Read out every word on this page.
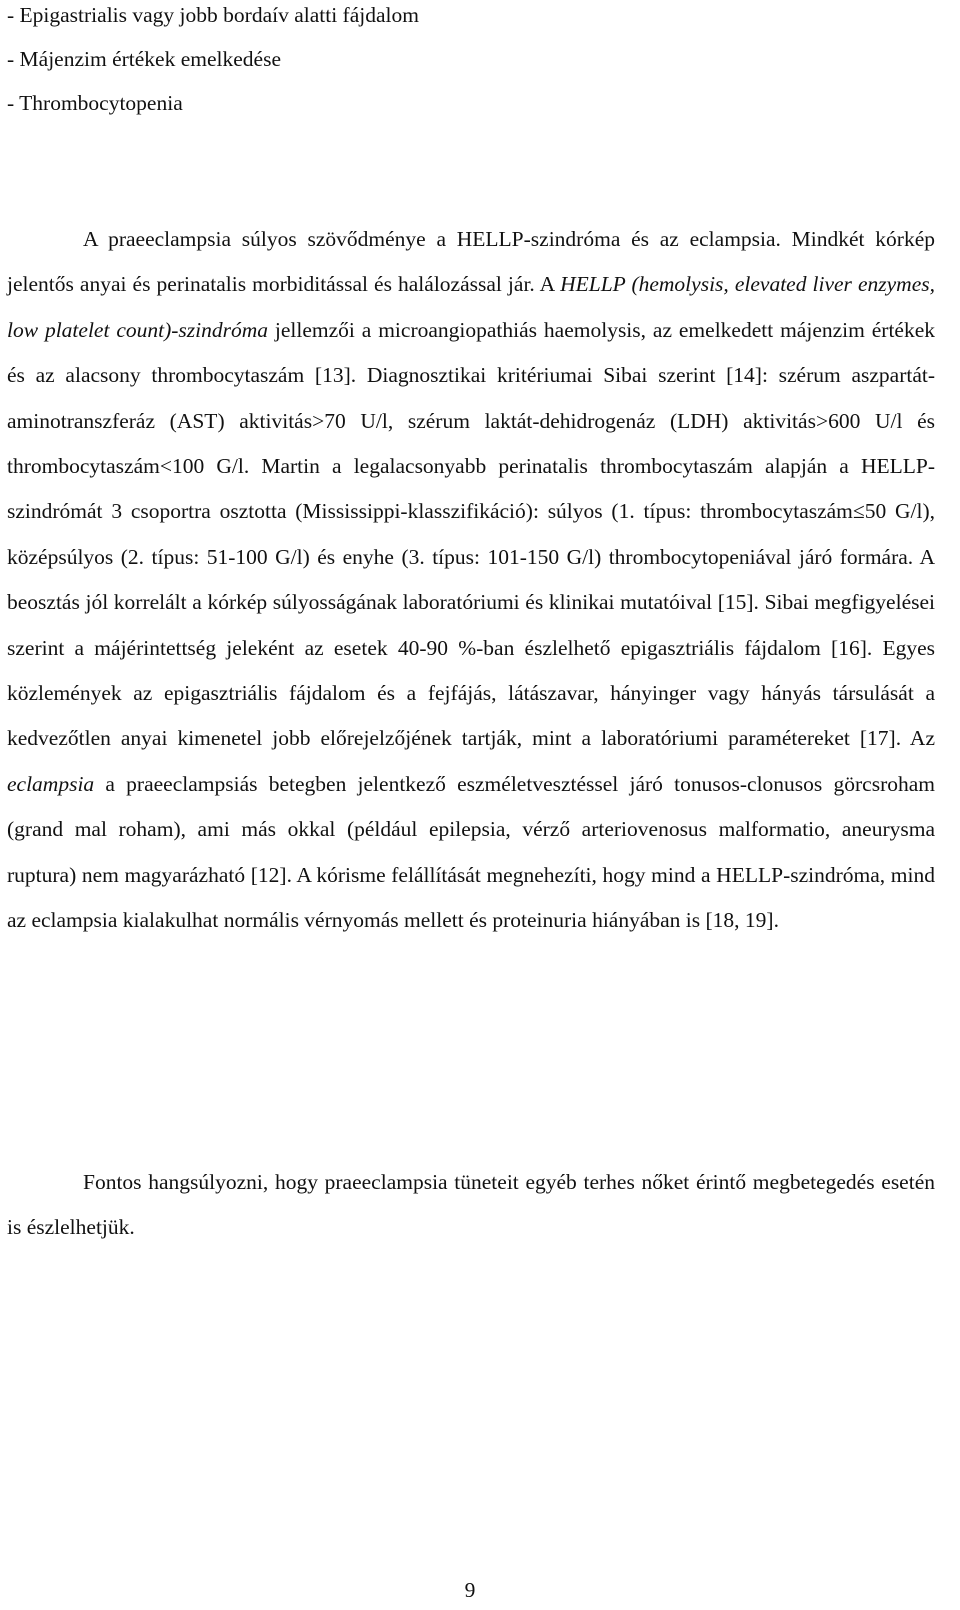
- Epigastrialis vagy jobb bordaív alatti fájdalom
- Májenzim értékek emelkedése
- Thrombocytopenia

A praeeclampsia súlyos szövődménye a HELLP-szindróma és az eclampsia. Mindkét kórkép jelentős anyai és perinatalis morbiditással és halálozással jár. A HELLP (hemolysis, elevated liver enzymes, low platelet count)-szindróma jellemzői a microangiopathiás haemolysis, az emelkedett májenzim értékek és az alacsony thrombocytaszám [13]. Diagnosztikai kritériumai Sibai szerint [14]: szérum aszpartát-aminotranszferáz (AST) aktivitás>70 U/l, szérum laktát-dehidrogenáz (LDH) aktivitás>600 U/l és thrombocytaszám<100 G/l. Martin a legalacsonyabb perinatalis thrombocytaszám alapján a HELLP-szindrómát 3 csoportra osztotta (Mississippi-klasszifikáció): súlyos (1. típus: thrombocytaszám≤50 G/l), középsúlyos (2. típus: 51-100 G/l) és enyhe (3. típus: 101-150 G/l) thrombocytopeniával járó formára. A beosztás jól korrelált a kórkép súlyosságának laboratóriumi és klinikai mutatóival [15]. Sibai megfigyelései szerint a májérintettség jeleként az esetek 40-90 %-ban észlelhető epigasztriális fájdalom [16]. Egyes közlemények az epigasztriális fájdalom és a fejfájás, látászavar, hányinger vagy hányás társulását a kedvezőtlen anyai kimenetel jobb előrejelzőjének tartják, mint a laboratóriumi paramétereket [17]. Az eclampsia a praeeclampsiás betegben jelentkező eszméletvesztéssel járó tonusos-clonusos görcsroham (grand mal roham), ami más okkal (például epilepsia, vérző arteriovenosus malformatio, aneurysma ruptura) nem magyarázható [12]. A kórisme felállítását megnehezíti, hogy mind a HELLP-szindróma, mind az eclampsia kialakulhat normális vérnyomás mellett és proteinuria hiányában is [18, 19].

Fontos hangsúlyozni, hogy praeeclampsia tüneteit egyéb terhes nőket érintő megbetegedés esetén is észlelhetjük.

9
